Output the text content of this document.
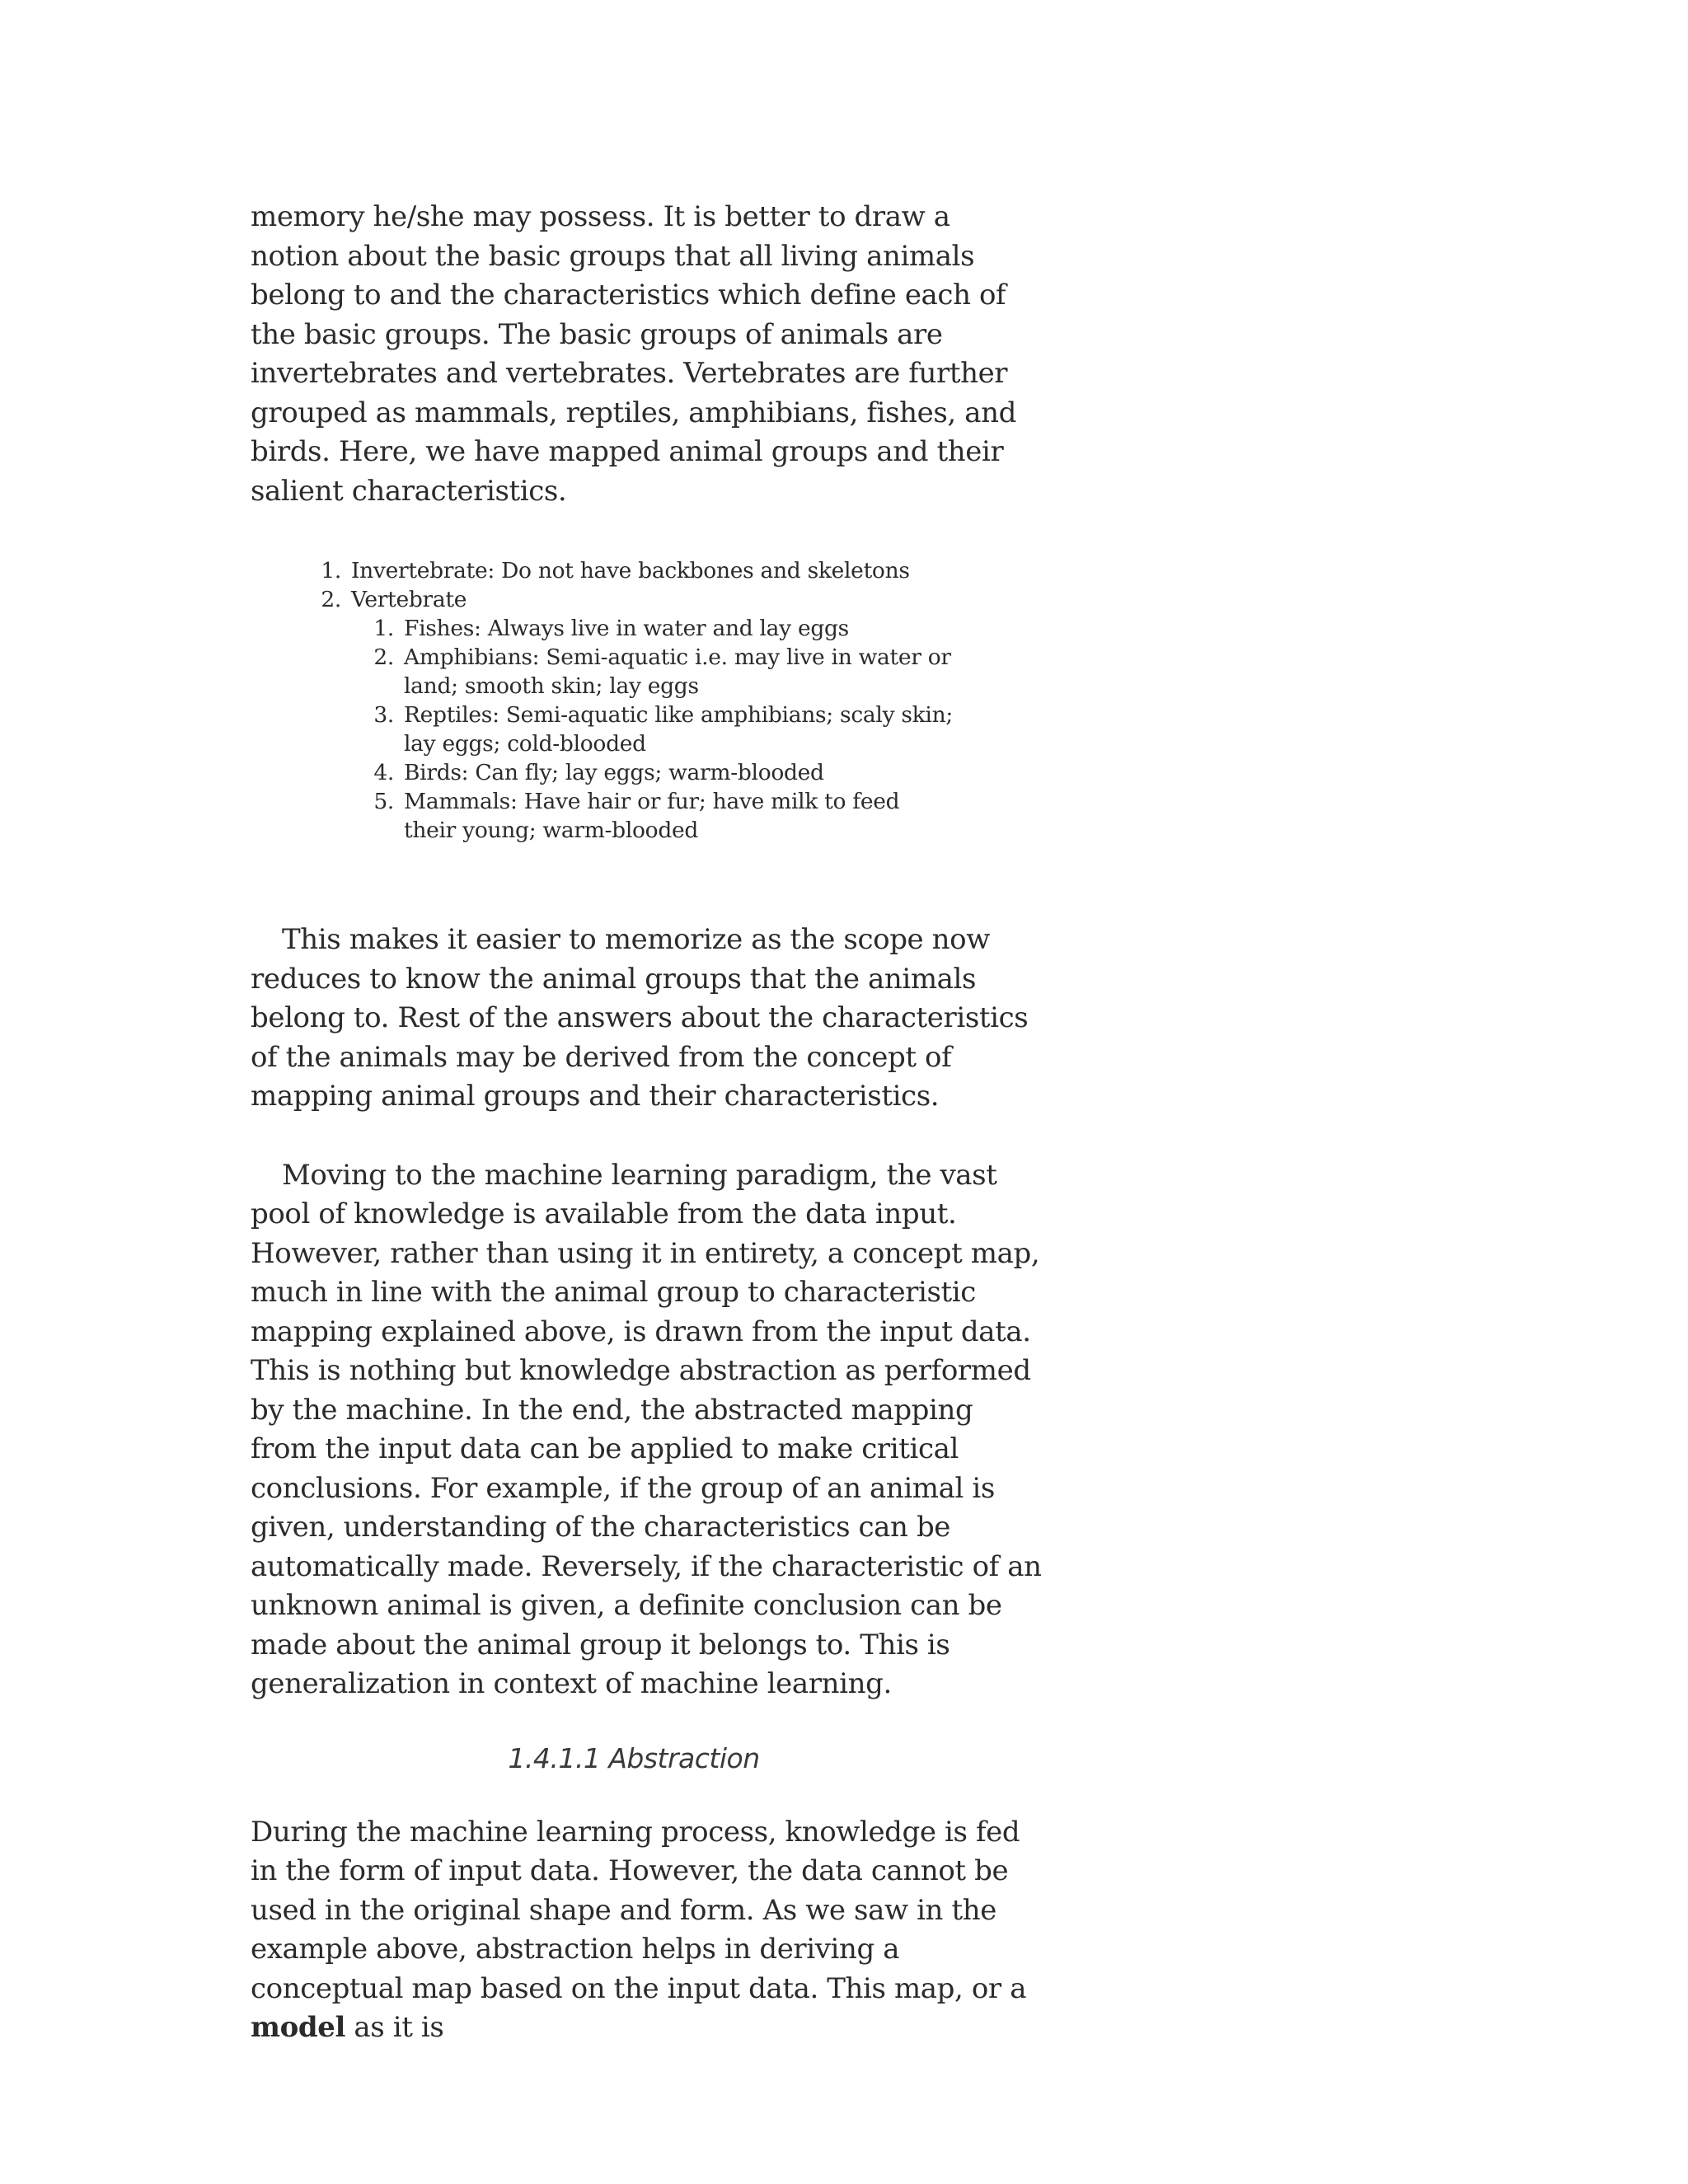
memory he/she may possess. It is better to draw a notion about the basic groups that all living animals belong to and the characteristics which define each of the basic groups. The basic groups of animals are invertebrates and vertebrates. Vertebrates are further grouped as mammals, reptiles, amphibians, fishes, and birds. Here, we have mapped animal groups and their salient characteristics.

1. Invertebrate: Do not have backbones and skeletons
2. Vertebrate
1. Fishes: Always live in water and lay eggs
2. Amphibians: Semi-aquatic i.e. may live in water or land; smooth skin; lay eggs
3. Reptiles: Semi-aquatic like amphibians; scaly skin; lay eggs; cold-blooded
4. Birds: Can fly; lay eggs; warm-blooded
5. Mammals: Have hair or fur; have milk to feed their young; warm-blooded

This makes it easier to memorize as the scope now reduces to know the animal groups that the animals belong to. Rest of the answers about the characteristics of the animals may be derived from the concept of mapping animal groups and their characteristics.

Moving to the machine learning paradigm, the vast pool of knowledge is available from the data input. However, rather than using it in entirety, a concept map, much in line with the animal group to characteristic mapping explained above, is drawn from the input data. This is nothing but knowledge abstraction as performed by the machine. In the end, the abstracted mapping from the input data can be applied to make critical conclusions. For example, if the group of an animal is given, understanding of the characteristics can be automatically made. Reversely, if the characteristic of an unknown animal is given, a definite conclusion can be made about the animal group it belongs to. This is generalization in context of machine learning.

1.4.1.1 Abstraction

During the machine learning process, knowledge is fed in the form of input data. However, the data cannot be used in the original shape and form. As we saw in the example above, abstraction helps in deriving a conceptual map based on the input data. This map, or a model as it is
